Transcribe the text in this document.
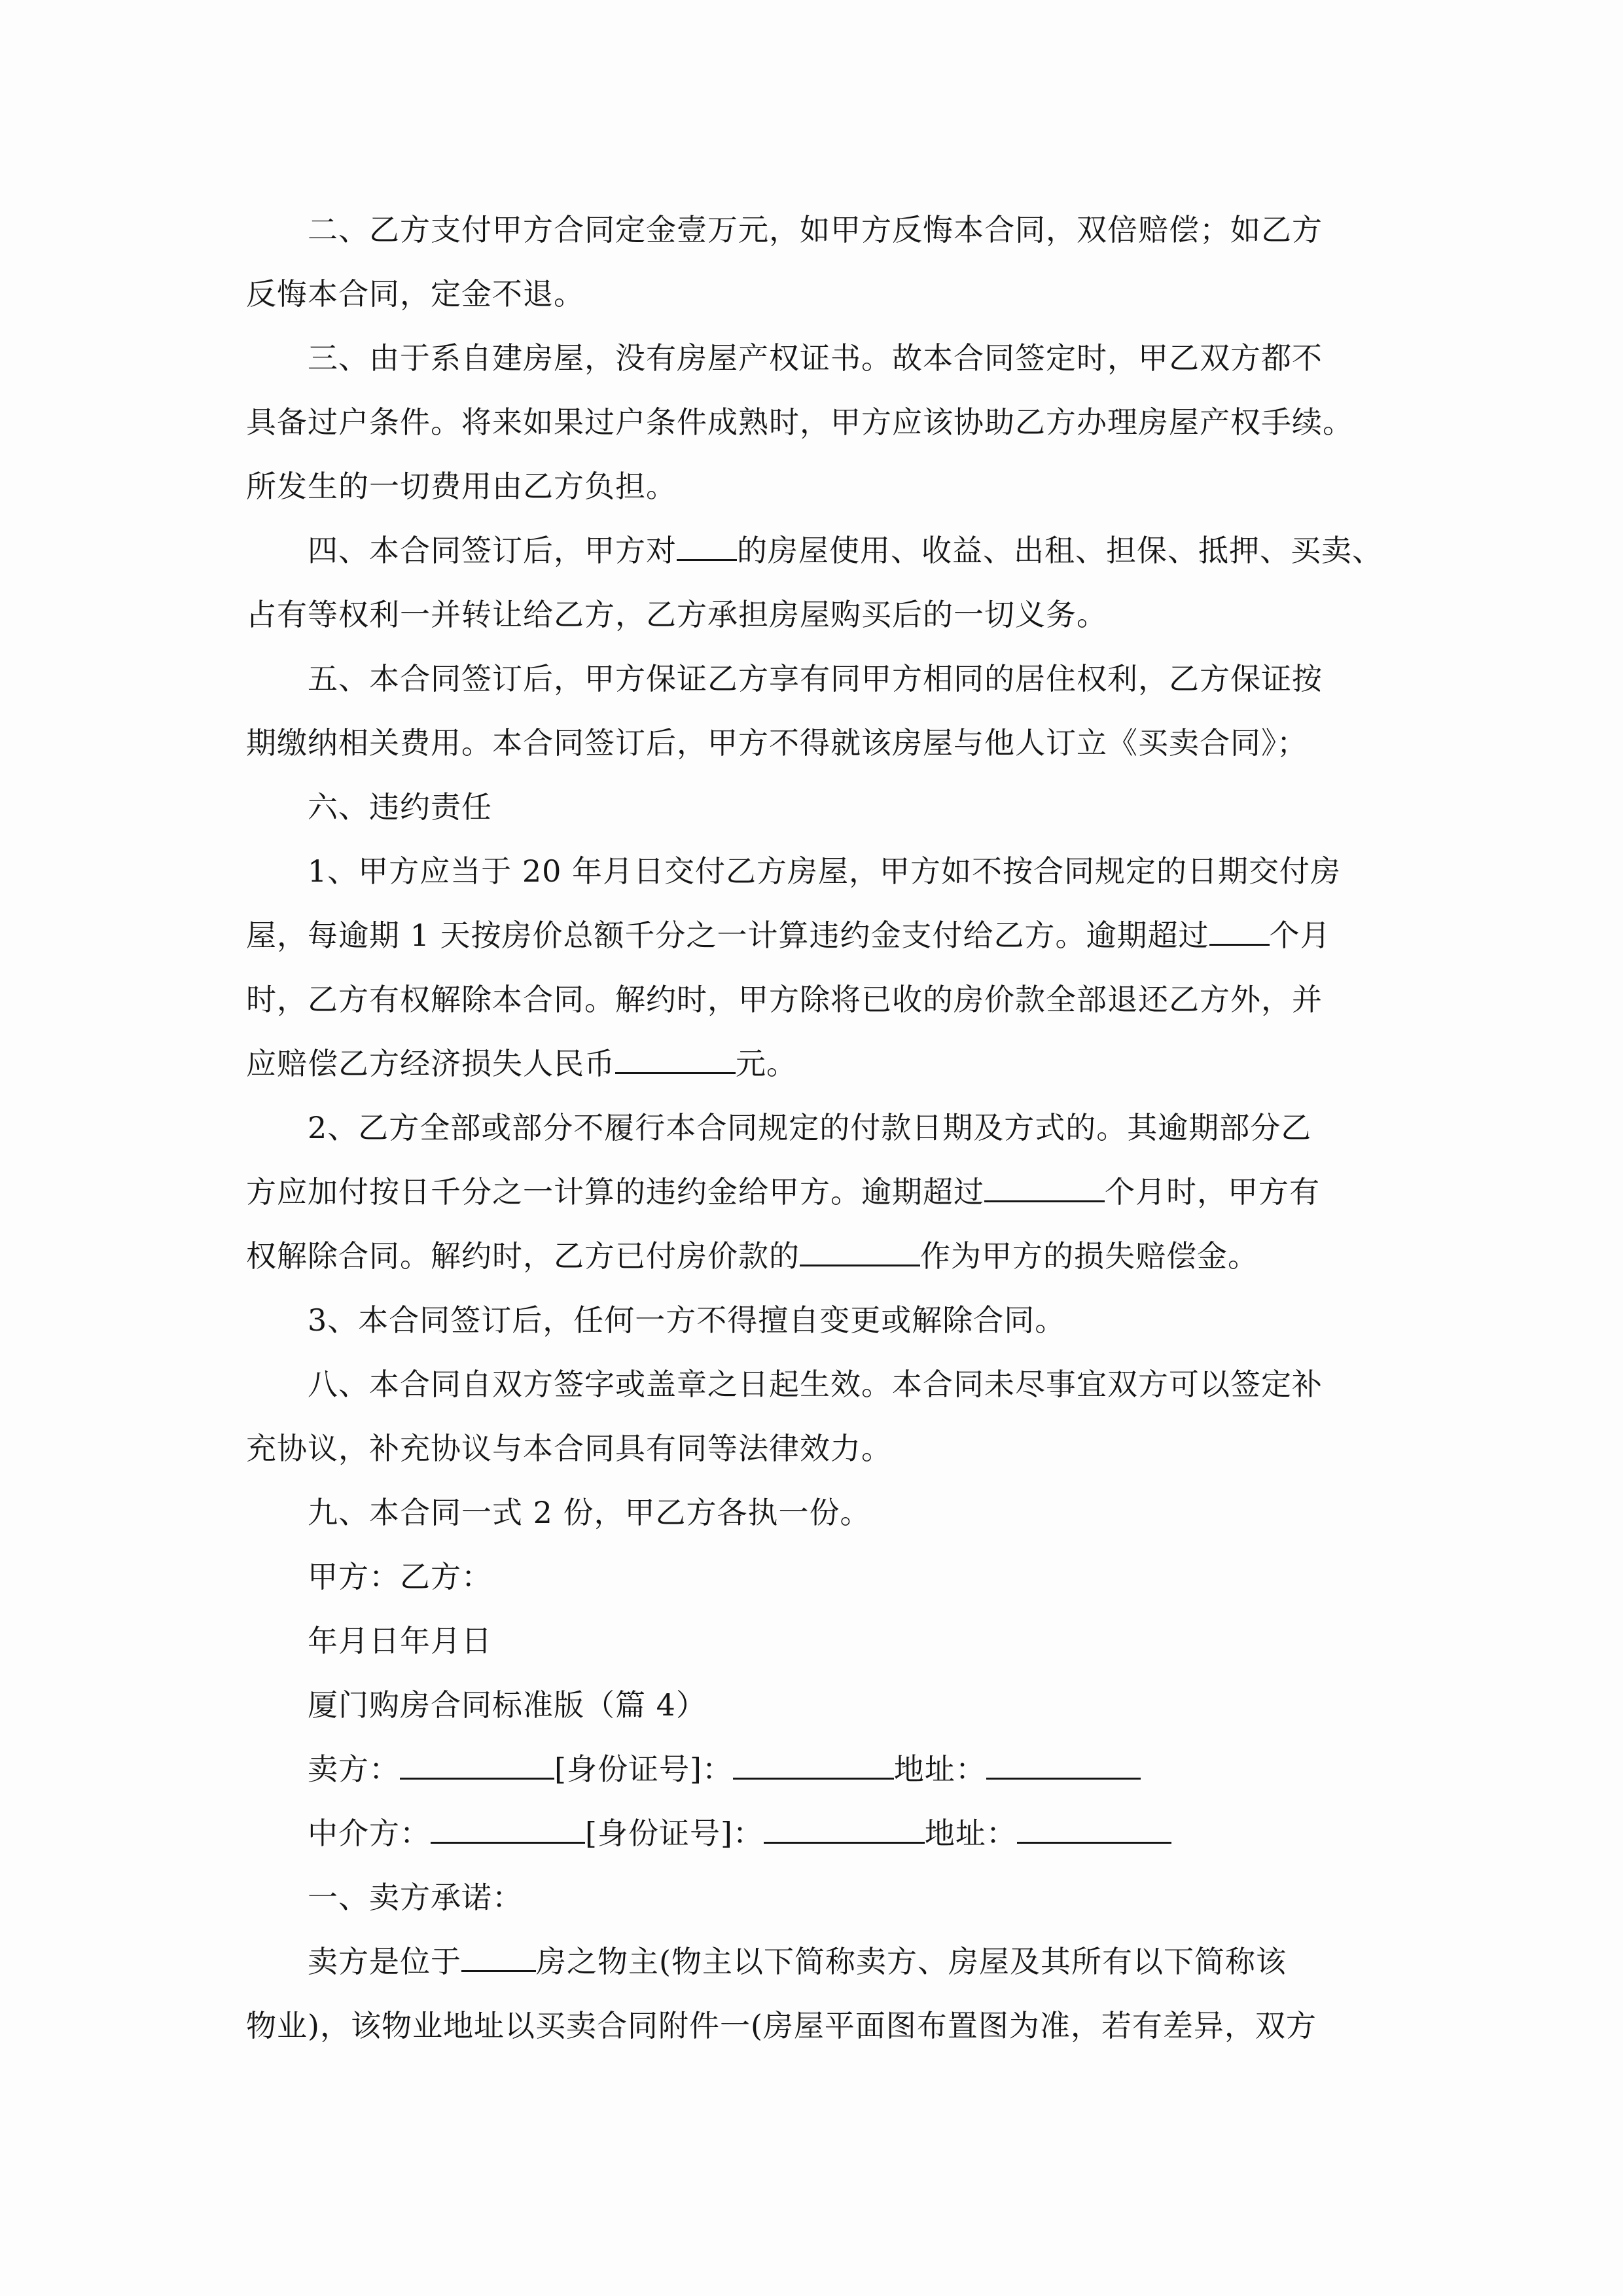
　　二、乙方支付甲方合同定金壹万元，如甲方反悔本合同，双倍赔偿；如乙方

反悔本合同，定金不退。

　　三、由于系自建房屋，没有房屋产权证书。故本合同签定时，甲乙双方都不

具备过户条件。将来如果过户条件成熟时，甲方应该协助乙方办理房屋产权手续。

所发生的一切费用由乙方负担。

　　四、本合同签订后，甲方对 的房屋使用、收益、出租、担保、抵押、买卖、

占有等权利一并转让给乙方，乙方承担房屋购买后的一切义务。

　　五、本合同签订后，甲方保证乙方享有同甲方相同的居住权利，乙方保证按

期缴纳相关费用。本合同签订后，甲方不得就该房屋与他人订立《买卖合同》；

　　六、违约责任

　　1、甲方应当于 20 年月日交付乙方房屋，甲方如不按合同规定的日期交付房

屋，每逾期 1 天按房价总额千分之一计算违约金支付给乙方。逾期超过 个月

时，乙方有权解除本合同。解约时，甲方除将已收的房价款全部退还乙方外，并

应赔偿乙方经济损失人民币	元。

　　2、乙方全部或部分不履行本合同规定的付款日期及方式的。其逾期部分乙

方应加付按日千分之一计算的违约金给甲方。逾期超过	个月时，甲方有

权解除合同。解约时，乙方已付房价款的	作为甲方的损失赔偿金。

　　3、本合同签订后，任何一方不得擅自变更或解除合同。

　　八、本合同自双方签字或盖章之日起生效。本合同未尽事宜双方可以签定补

充协议，补充协议与本合同具有同等法律效力。

　　九、本合同一式 2 份，甲乙方各执一份。

　　甲方：乙方：

　　年月日年月日

　　厦门购房合同标准版（篇 4）

　　卖方：	[身份证号]：	地址：

　　中介方：	[身份证号]：	地址：

　　一、卖方承诺：

　　卖方是位于 房之物主(物主以下简称卖方、房屋及其所有以下简称该

物业)，该物业地址以买卖合同附件一(房屋平面图布置图为准，若有差异，双方
